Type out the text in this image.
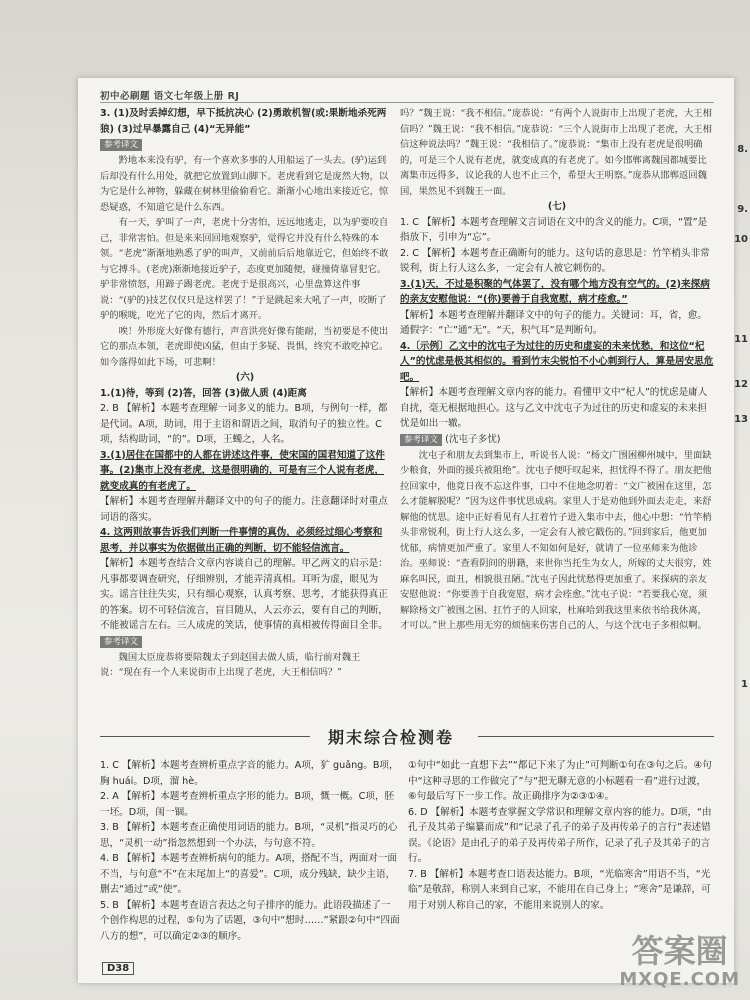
初中必刷题 语文七年级上册 RJ

3. (1)及时丢掉幻想，早下抵抗决心 (2)勇敢机智(或:果断地杀死两狼) (3)过早暴露自己 (4)“无异能”

参考译文

黔地本来没有驴，有一个喜欢多事的人用船运了一头去。(驴)运到后却没有什么用处，就把它放置到山脚下。老虎看到它是庞然大物，以为它是什么神物，躲藏在树林里偷偷看它。渐渐小心地出来接近它，惊恐疑惑，不知道它是什么东西。

有一天，驴叫了一声，老虎十分害怕，远远地逃走，以为驴要咬自己，非常害怕。但是来来回回地观察驴，觉得它并没有什么特殊的本领。“老虎”渐渐地熟悉了驴的叫声，又前前后后地靠近它，但始终不敢与它搏斗。(老虎)渐渐地接近驴子，态度更加随便，碰撞倚靠冒犯它。驴非常愤怒，用蹄子踢老虎。老虎于是很高兴，心里盘算这件事说：“(驴的)技艺仅仅只是这样罢了！”于是跳起来大吼了一声，咬断了驴的喉咙，吃光了它的肉，然后才离开。

唉！外形庞大好像有德行，声音洪亮好像有能耐，当初要是不使出它的那点本领，老虎即使凶猛，但由于多疑、畏惧，终究不敢吃掉它。如今落得如此下场，可悲啊！

(六)

1.(1)待，等到 (2)答，回答 (3)做人质 (4)距离

2. B 【解析】本题考查理解一词多义的能力。B项，与例句一样，都是代词。A项，助词，用于主语和谓语之间，取消句子的独立性。C项，结构助词，“的”。D项，王蠋之，人名。

3.(1)居住在国都中的人都在讲述这件事，使宋国的国君知道了这件事。(2)集市上没有老虎，这是很明确的，可是有三个人说有老虎，就变成真的有老虎了。

【解析】本题考查理解并翻译文中的句子的能力。注意翻译时对重点词语的落实。

4. 这两则故事告诉我们判断一件事情的真伪，必须经过细心考察和思考，并以事实为依据做出正确的判断，切不能轻信流言。

【解析】本题考查结合文章内容谈自己的理解。甲乙两文的启示是：凡事都要调查研究，仔细辨别，才能弄清真相。耳听为虚，眼见为实。谣言往往失实，只有细心观察，认真考察、思考，才能获得真正的答案。切不可轻信流言，盲目随从，人云亦云，要有自己的判断，不能被谣言左右。三人成虎的笑话，使事情的真相被传得面目全非。

参考译文

魏国太臣庞恭将要陪魏太子到赵国去做人质，临行前对魏王说：“现在有一个人来说街市上出现了老虎，大王相信吗？”

吗？”魏王说：“我不相信。”庞恭说：“有两个人说街市上出现了老虎，大王相信吗？”魏王说：“我不相信。”庞恭说：“三个人说街市上出现了老虎，大王相信这种说法吗？”魏王说：“我相信了。”庞恭说：“集市上没有老虎是很明确的，可是三个人说有老虎，就变成真的有老虎了。如今邯郸离魏国都城要比离集市远得多，议论我的人也不止三个，希望大王明察。”庞恭从邯郸返回魏国，果然见不到魏王一面。

(七)

1. C 【解析】本题考查理解文言词语在文中的含义的能力。C项，“置”是指放下，引申为“忘”。

2. C 【解析】本题考查正确断句的能力。这句话的意思是：竹竿梢头非常锐利，街上行人这么多，一定会有人被它刺伤的。

3.(1)天，不过是积聚的气体罢了，没有哪个地方没有空气的。(2)来探病的亲友安慰他说：“(你)要善于自我宽慰，病才痊愈。”

【解析】本题考查理解并翻译文中的句子的能力。关键词：耳，省，愈。通假字：“亡”通“无”。“天，积气耳”是判断句。

4.〔示例〕乙文中的沈屯子为过往的历史和虚妄的未来忧愁，和这位“杞人”的忧虑是极其相似的。看到竹末尖锐怕不小心刺到行人，算是居安思危吧。

【解析】本题考查理解文章内容的能力。看懂甲文中“杞人”的忧虑是庸人自扰，毫无根据地担心。这与乙文中沈屯子为过往的历史和虚妄的未来担忧是如出一辙。

参考译文 (沈屯子多忧)

沈屯子和朋友去到集市上，听说书人说：“杨文广围困柳州城中，里面缺少粮食，外面的援兵被阻绝”。沈屯子便吁叹起来，担忧得不得了。朋友把他拉回家中，他竟日夜不忘这件事，口中不住地念叨着：“文广被困在这里，怎么才能解脱呢？”因为这件事忧思成病。家里人于是劝他到外面去走走，来舒解他的忧思。途中正好看见有人扛着竹子进入集市中去，他心中想：“竹竿梢头非常锐利，街上行人这么多，一定会有人被它戳伤的。”回到家后，他更加忧郁，病情更加严重了。家里人不知如何是好，就请了一位巫师来为他诊治。巫师说：“查看阴间的册籍，来世你当托生为女人，所嫁的丈夫很穷，姓麻名叫民，面丑，相貌很丑陋。”沈屯子因此忧愁得更加重了。来探病的亲友安慰他说：“你要善于自我宽慰，病才会痊愈。”沈屯子说：“若要我心宽，须解除杨文广被围之困、扛竹子的人回家，杜麻哈到我这里来依书给我休离，才可以。”世上那些用无穷的烦恼来伤害自己的人，与这个沈屯子多相似啊。

期末综合检测卷

1. C 【解析】本题考查辨析重点字音的能力。A项，犷 guǎng。B项，胸 huái。D项，溜 hè。

2. A 【解析】本题考查辨析重点字形的能力。B项，慨一概。C项，胚一坯。D项，闺一锢。

3. B 【解析】本题考查正确使用词语的能力。B项，“灵机”指灵巧的心思，“灵机一动”指忽然想到一个办法，与句意不符。

4. B 【解析】本题考查辨析病句的能力。A项，搭配不当，两面对一面不当，与句意“不”在末尾加上“的喜爱”。C项，成分残缺，缺少主语，删去“通过”或“使”。

5. B 【解析】本题考查语言表达之句子排序的能力。此语段描述了一个创作构思的过程，⑤句为了话题，③句中“想时……”紧跟②句中“四面八方的想”，可以确定②③的顺序。

①句中“如此一直想下去”“都记下来了为止”可判断①句在③句之后。④句中“这种寻思的工作做完了”与“把无聊无意的小标题看一看”进行过渡，⑥句最后写下一步工作。故正确排序为②③①④。

6. D 【解析】本题考查掌握文学常识和理解文章内容的能力。D项，“由孔子及其弟子编纂而成”和“记录了孔子的弟子及再传弟子的言行”表述错误。《论语》是由孔子的弟子及再传弟子所作，记录了孔子及其弟子的言行。

7. B 【解析】本题考查口语表达能力。B项，“光临寒舍”用语不当，“光临”是敬辞，称别人来到自己家，不能用在自己身上；“寒舍”是谦辞，可用于对别人称自己的家，不能用来说别人的家。

D38
8.
9.
10
11
12
13
1
答案圈
MXQE.COM
